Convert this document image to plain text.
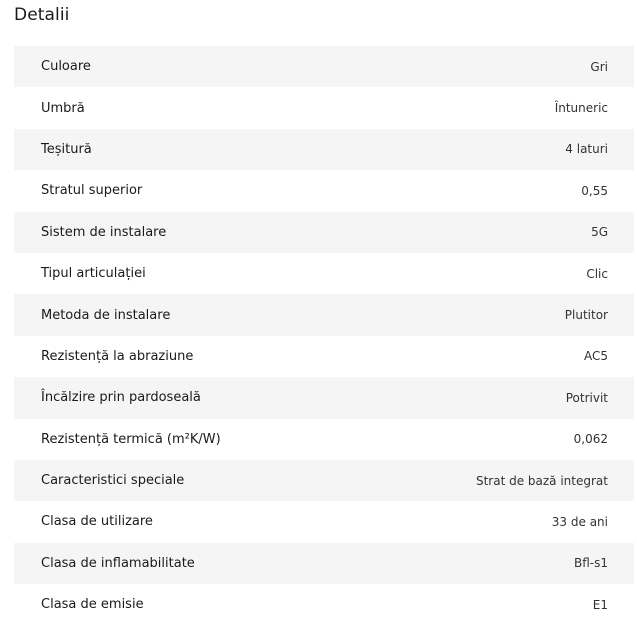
Detalii
Culoare	Gri
Umbră	Întuneric
Teșitură	4 laturi
Stratul superior	0,55
Sistem de instalare	5G
Tipul articulației	Clic
Metoda de instalare	Plutitor
Rezistență la abraziune	AC5
Încălzire prin pardoseală	Potrivit
Rezistență termică (m²K/W)	0,062
Caracteristici speciale	Strat de bază integrat
Clasa de utilizare	33 de ani
Clasa de inflamabilitate	Bfl-s1
Clasa de emisie	E1
